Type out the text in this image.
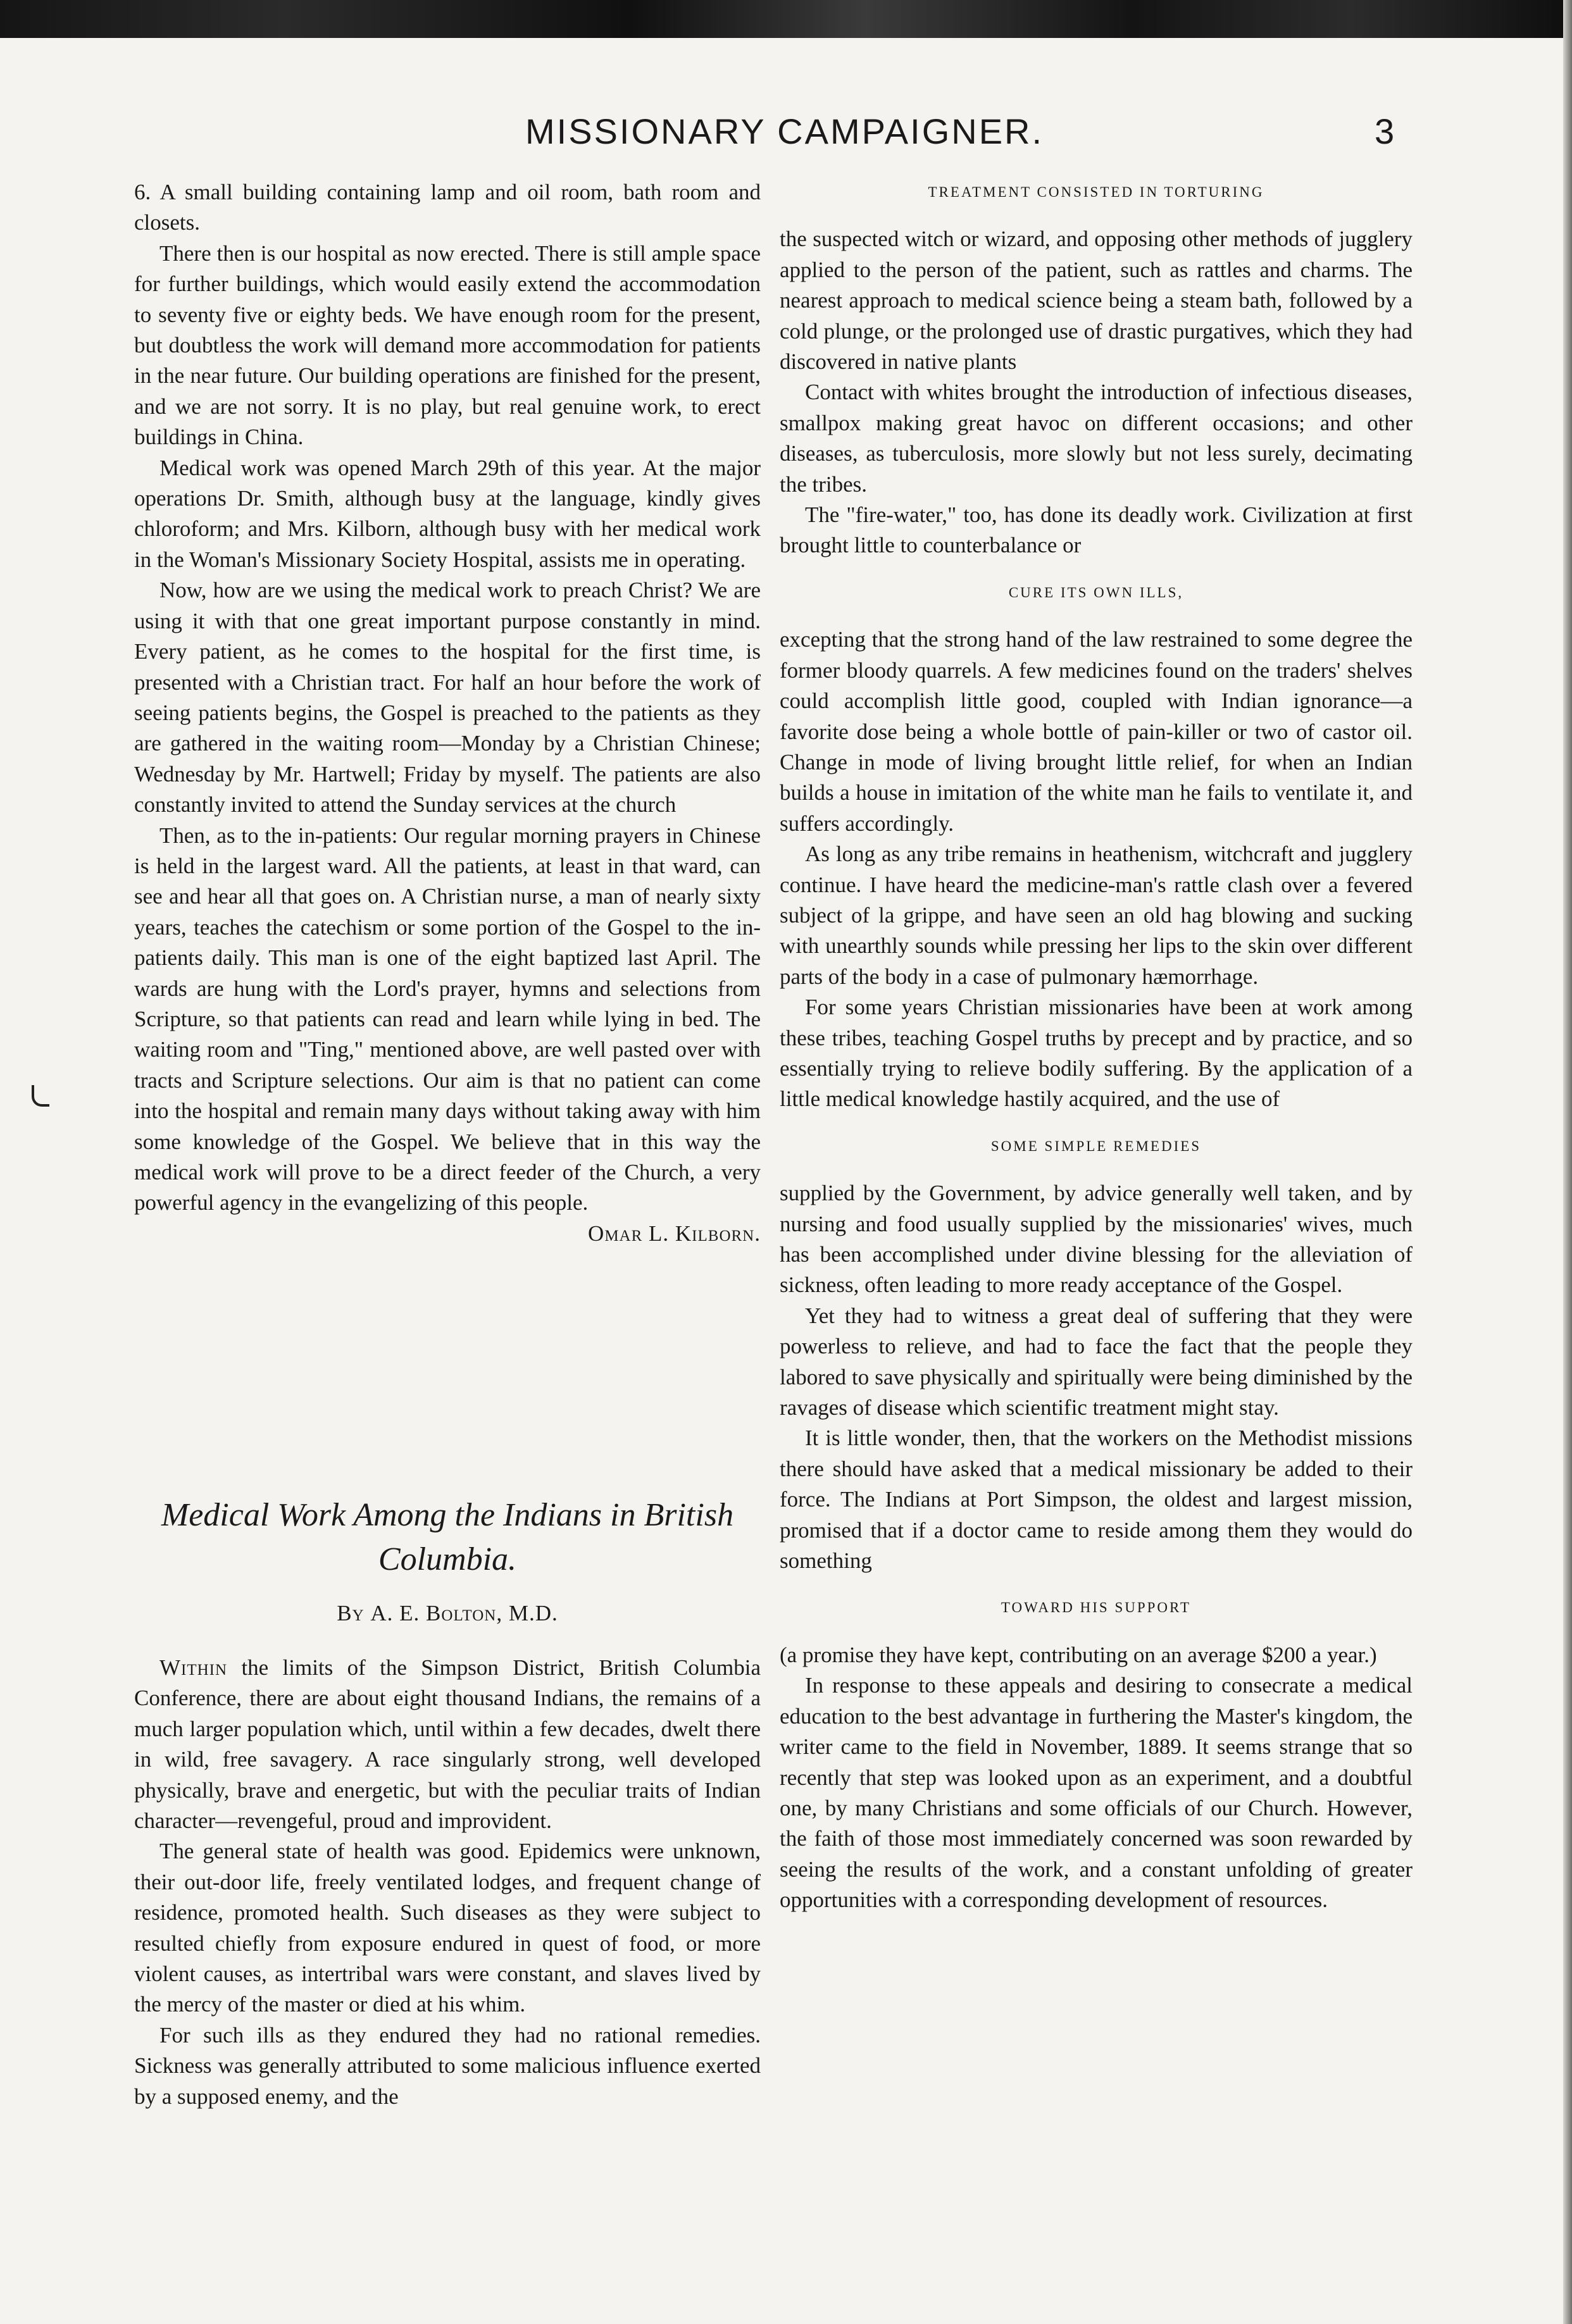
MISSIONARY CAMPAIGNER.	3

6. A small building containing lamp and oil room, bath room and closets.

There then is our hospital as now erected. There is still ample space for further buildings, which would easily extend the accommodation to seventy five or eighty beds. We have enough room for the present, but doubtless the work will demand more accommodation for patients in the near future. Our building operations are finished for the present, and we are not sorry. It is no play, but real genuine work, to erect buildings in China.

Medical work was opened March 29th of this year. At the major operations Dr. Smith, although busy at the language, kindly gives chloroform; and Mrs. Kilborn, although busy with her medical work in the Woman's Missionary Society Hospital, assists me in operating.

Now, how are we using the medical work to preach Christ? We are using it with that one great important purpose constantly in mind. Every patient, as he comes to the hospital for the first time, is presented with a Christian tract. For half an hour before the work of seeing patients begins, the Gospel is preached to the patients as they are gathered in the waiting room—Monday by a Christian Chinese; Wednesday by Mr. Hartwell; Friday by myself. The patients are also constantly invited to attend the Sunday services at the church

Then, as to the in-patients: Our regular morning prayers in Chinese is held in the largest ward. All the patients, at least in that ward, can see and hear all that goes on. A Christian nurse, a man of nearly sixty years, teaches the catechism or some portion of the Gospel to the in-patients daily. This man is one of the eight baptized last April. The wards are hung with the Lord's prayer, hymns and selections from Scripture, so that patients can read and learn while lying in bed. The waiting room and "Ting," mentioned above, are well pasted over with tracts and Scripture selections. Our aim is that no patient can come into the hospital and remain many days without taking away with him some knowledge of the Gospel. We believe that in this way the medical work will prove to be a direct feeder of the Church, a very powerful agency in the evangelizing of this people.

Omar L. Kilborn.

Medical Work Among the Indians in British Columbia.
By A. E. Bolton, M.D.

Within the limits of the Simpson District, British Columbia Conference, there are about eight thousand Indians, the remains of a much larger population which, until within a few decades, dwelt there in wild, free savagery. A race singularly strong, well developed physically, brave and energetic, but with the peculiar traits of Indian character—revengeful, proud and improvident.

The general state of health was good. Epidemics were unknown, their out-door life, freely ventilated lodges, and frequent change of residence, promoted health. Such diseases as they were subject to resulted chiefly from exposure endured in quest of food, or more violent causes, as intertribal wars were constant, and slaves lived by the mercy of the master or died at his whim.

For such ills as they endured they had no rational remedies. Sickness was generally attributed to some malicious influence exerted by a supposed enemy, and the

TREATMENT CONSISTED IN TORTURING

the suspected witch or wizard, and opposing other methods of jugglery applied to the person of the patient, such as rattles and charms. The nearest approach to medical science being a steam bath, followed by a cold plunge, or the prolonged use of drastic purgatives, which they had discovered in native plants

Contact with whites brought the introduction of infectious diseases, smallpox making great havoc on different occasions; and other diseases, as tuberculosis, more slowly but not less surely, decimating the tribes.

The "fire-water," too, has done its deadly work. Civilization at first brought little to counterbalance or

CURE ITS OWN ILLS,

excepting that the strong hand of the law restrained to some degree the former bloody quarrels. A few medicines found on the traders' shelves could accomplish little good, coupled with Indian ignorance—a favorite dose being a whole bottle of pain-killer or two of castor oil. Change in mode of living brought little relief, for when an Indian builds a house in imitation of the white man he fails to ventilate it, and suffers accordingly.

As long as any tribe remains in heathenism, witchcraft and jugglery continue. I have heard the medicine-man's rattle clash over a fevered subject of la grippe, and have seen an old hag blowing and sucking with unearthly sounds while pressing her lips to the skin over different parts of the body in a case of pulmonary hæmorrhage.

For some years Christian missionaries have been at work among these tribes, teaching Gospel truths by precept and by practice, and so essentially trying to relieve bodily suffering. By the application of a little medical knowledge hastily acquired, and the use of

SOME SIMPLE REMEDIES

supplied by the Government, by advice generally well taken, and by nursing and food usually supplied by the missionaries' wives, much has been accomplished under divine blessing for the alleviation of sickness, often leading to more ready acceptance of the Gospel.

Yet they had to witness a great deal of suffering that they were powerless to relieve, and had to face the fact that the people they labored to save physically and spiritually were being diminished by the ravages of disease which scientific treatment might stay.

It is little wonder, then, that the workers on the Methodist missions there should have asked that a medical missionary be added to their force. The Indians at Port Simpson, the oldest and largest mission, promised that if a doctor came to reside among them they would do something

TOWARD HIS SUPPORT

(a promise they have kept, contributing on an average $200 a year.)

In response to these appeals and desiring to consecrate a medical education to the best advantage in furthering the Master's kingdom, the writer came to the field in November, 1889. It seems strange that so recently that step was looked upon as an experiment, and a doubtful one, by many Christians and some officials of our Church. However, the faith of those most immediately concerned was soon rewarded by seeing the results of the work, and a constant unfolding of greater opportunities with a corresponding development of resources.
